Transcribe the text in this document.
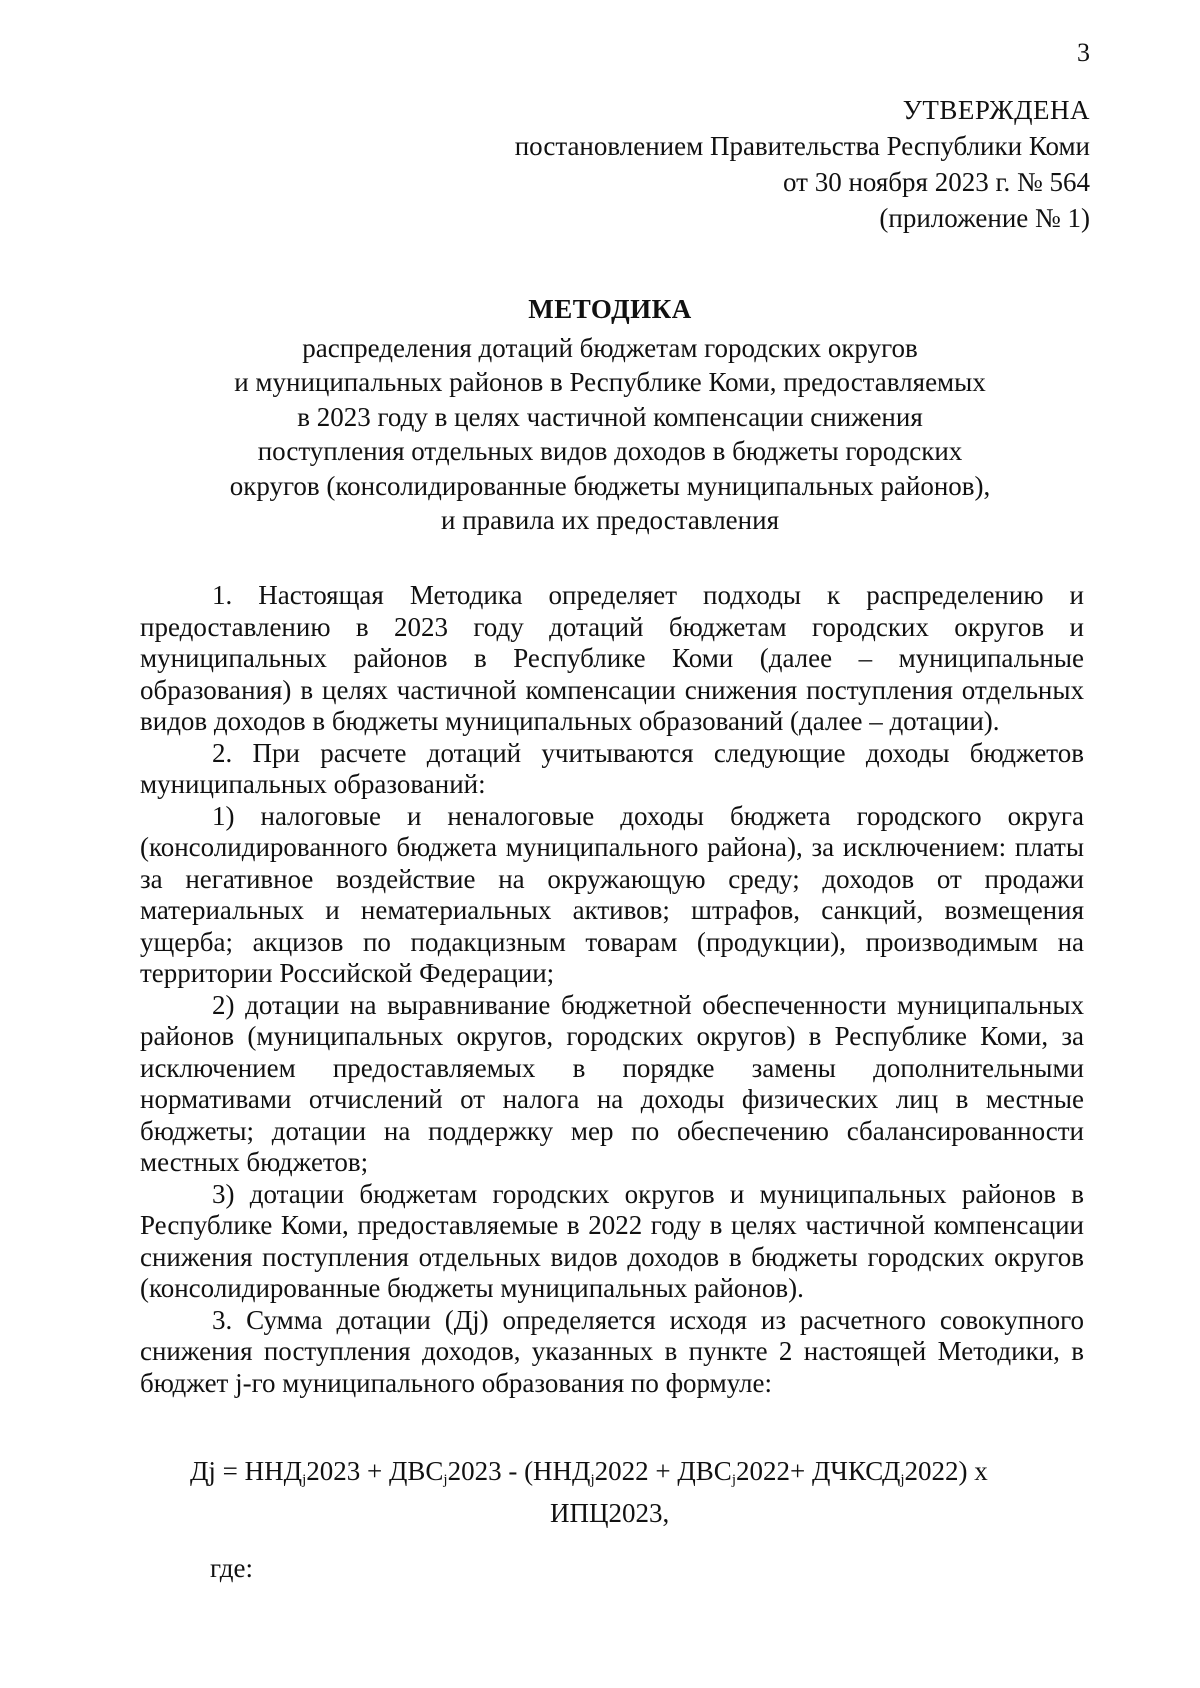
3
УТВЕРЖДЕНА
постановлением Правительства Республики Коми
от 30 ноября 2023 г. № 564
(приложение № 1)
МЕТОДИКА
распределения дотаций бюджетам городских округов
и муниципальных районов в Республике Коми, предоставляемых
в 2023 году в целях частичной компенсации снижения
поступления отдельных видов доходов в бюджеты городских
округов (консолидированные бюджеты муниципальных районов),
и правила их предоставления

1. Настоящая Методика определяет подходы к распределению и предоставлению в 2023 году дотаций бюджетам городских округов и муниципальных районов в Республике Коми (далее – муниципальные образования) в целях частичной компенсации снижения поступления отдельных видов доходов в бюджеты муниципальных образований (далее – дотации).

2. При расчете дотаций учитываются следующие доходы бюджетов муниципальных образований:

1) налоговые и неналоговые доходы бюджета городского округа (консолидированного бюджета муниципального района), за исключением: платы за негативное воздействие на окружающую среду; доходов от продажи материальных и нематериальных активов; штрафов, санкций, возмещения ущерба; акцизов по подакцизным товарам (продукции), производимым на территории Российской Федерации;

2) дотации на выравнивание бюджетной обеспеченности муниципальных районов (муниципальных округов, городских округов) в Республике Коми, за исключением предоставляемых в порядке замены дополнительными нормативами отчислений от налога на доходы физических лиц в местные бюджеты; дотации на поддержку мер по обеспечению сбалансированности местных бюджетов;

3) дотации бюджетам городских округов и муниципальных районов в Республике Коми, предоставляемые в 2022 году в целях частичной компенсации снижения поступления отдельных видов доходов в бюджеты городских округов (консолидированные бюджеты муниципальных районов).

3. Сумма дотации (Дj) определяется исходя из расчетного совокупного снижения поступления доходов, указанных в пункте 2 настоящей Методики, в бюджет j-го муниципального образования по формуле:

Дj = $ННД_j2023 + ДВС_j2023 - (ННД_j2022 + ДВС_j2022+$ $ДЧКСД_j2022$) х
ИПЦ2023,
где:
